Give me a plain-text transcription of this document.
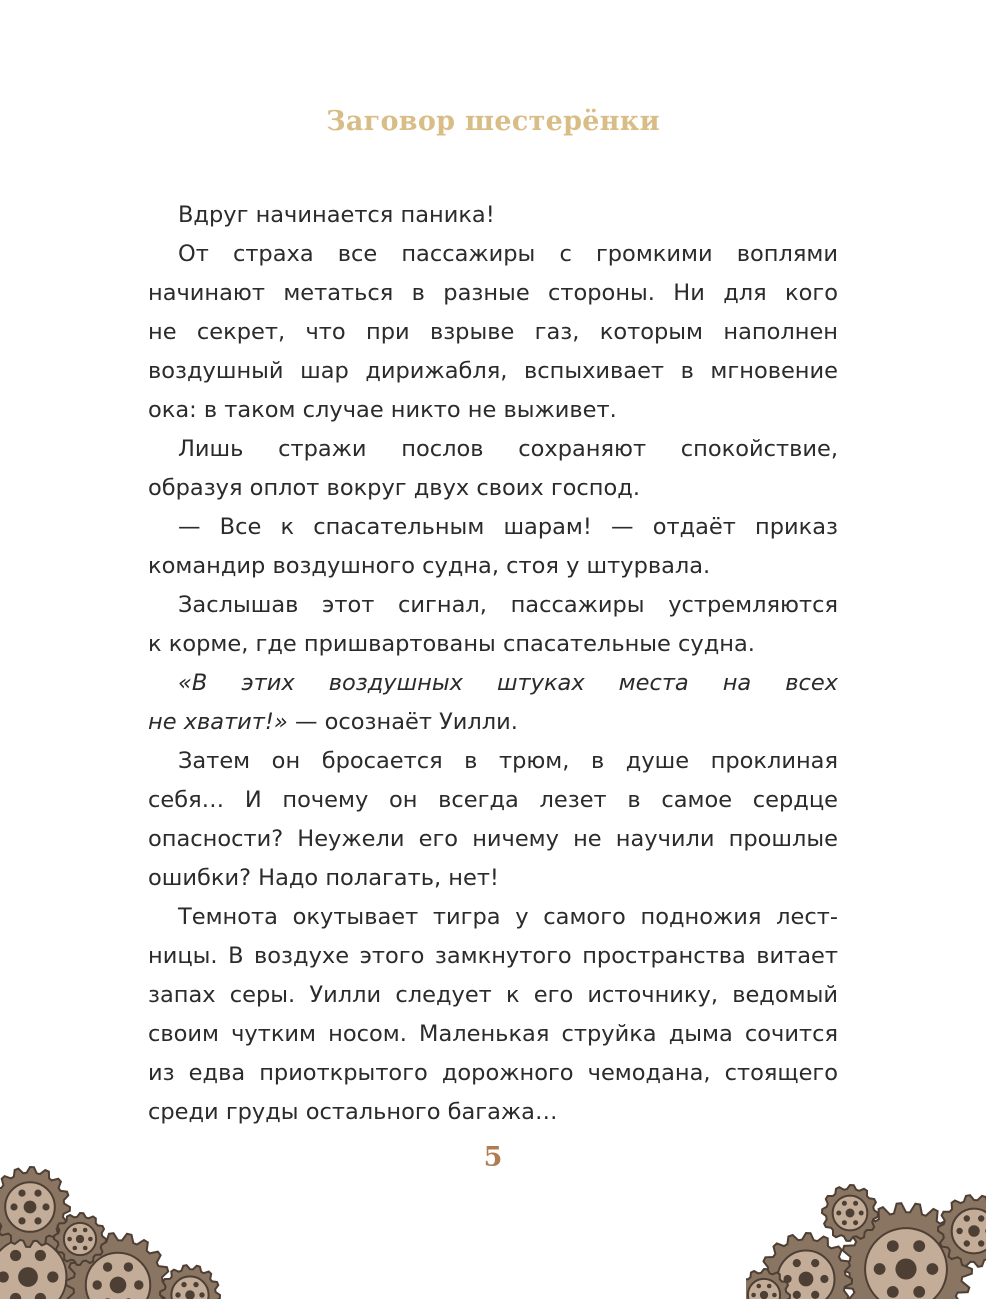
Заговор шестерёнки
Вдруг начинается паника!
От страха все пассажиры с громкими воплями
начинают метаться в разные стороны. Ни для кого
не секрет, что при взрыве газ, которым наполнен
воздушный шар дирижабля, вспыхивает в мгновение
ока: в таком случае никто не выживет.
Лишь стражи послов сохраняют спокойствие,
образуя оплот вокруг двух своих господ.
— Все к спасательным шарам! — отдаёт приказ
командир воздушного судна, стоя у штурвала.
Заслышав этот сигнал, пассажиры устремляются
к корме, где пришвартованы спасательные судна.
«В этих воздушных штуках места на всех
не хватит!» — осознаёт Уилли.
Затем он бросается в трюм, в душе проклиная
себя… И почему он всегда лезет в самое сердце
опасности? Неужели его ничему не научили прошлые
ошибки? Надо полагать, нет!
Темнота окутывает тигра у самого подножия лест-
ницы. В воздухе этого замкнутого пространства витает
запах серы. Уилли следует к его источнику, ведомый
своим чутким носом. Маленькая струйка дыма сочится
из едва приоткрытого дорожного чемодана, стоящего
среди груды остального багажа…
5
